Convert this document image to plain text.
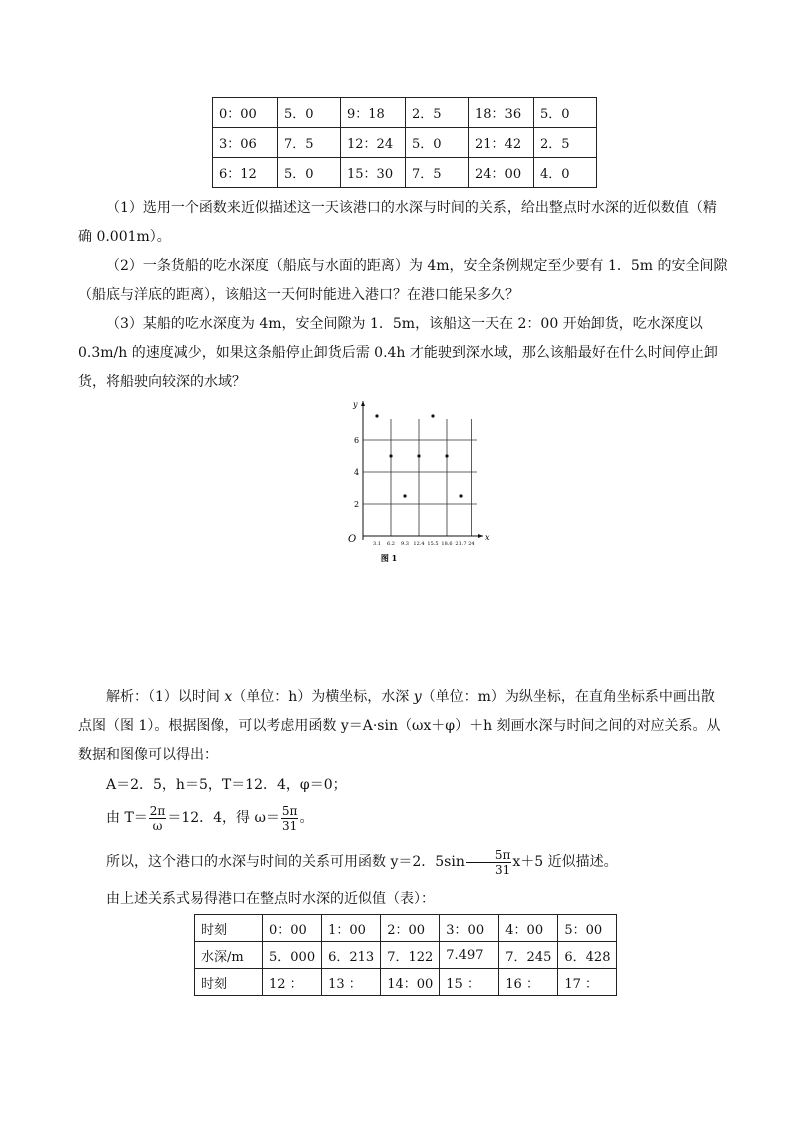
0：00	5．0	9：18	2．5	18：36	5．0
3：06	7．5	12：24	5．0	21：42	2．5
6：12	5．0	15：30	7．5	24：00	4．0
（1）选用一个函数来近似描述这一天该港口的水深与时间的关系，给出整点时水深的近似数值（精确 0.001m）。
（2）一条货船的吃水深度（船底与水面的距离）为 4m，安全条例规定至少要有 1．5m 的安全间隙（船底与洋底的距离），该船这一天何时能进入港口？在港口能呆多久？
（3）某船的吃水深度为 4m，安全间隙为 1．5m，该船这一天在 2：00 开始卸货，吃水深度以 0.3m/h 的速度减少，如果这条船停止卸货后需 0.4h 才能驶到深水域，那么该船最好在什么时间停止卸货，将船驶向较深的水域？
x
y
O
2
4
6
3.1 6.2 9.3 12.4 15.5 18.6 21.7 24
图 1
解析：（1）以时间 x（单位：h）为横坐标，水深 y（单位：m）为纵坐标，在直角坐标系中画出散点图（图 1）。根据图像，可以考虑用函数 y＝A·sin（ωx＋φ）＋h 刻画水深与时间之间的对应关系。从数据和图像可以得出：
A＝2．5，h＝5，T＝12．4，φ＝0；
由 $T= \frac{2\pi}{\omega} =12$．4，得 $\omega= \frac{5\pi}{31}$ 。
所以，这个港口的水深与时间的关系可用函数 y＝2．$5\sin \frac{5\pi}{31} x+5$ 近似描述。
由上述关系式易得港口在整点时水深的近似值（表）：
时刻	0：00	1：00	2：00	3：00	4：00	5：00
水深/m	5．000	6．213	7．122	7.497	7．245	6．428
时刻	12 ：	13 ：	14：00	15 ：	16 ：	17 ：
